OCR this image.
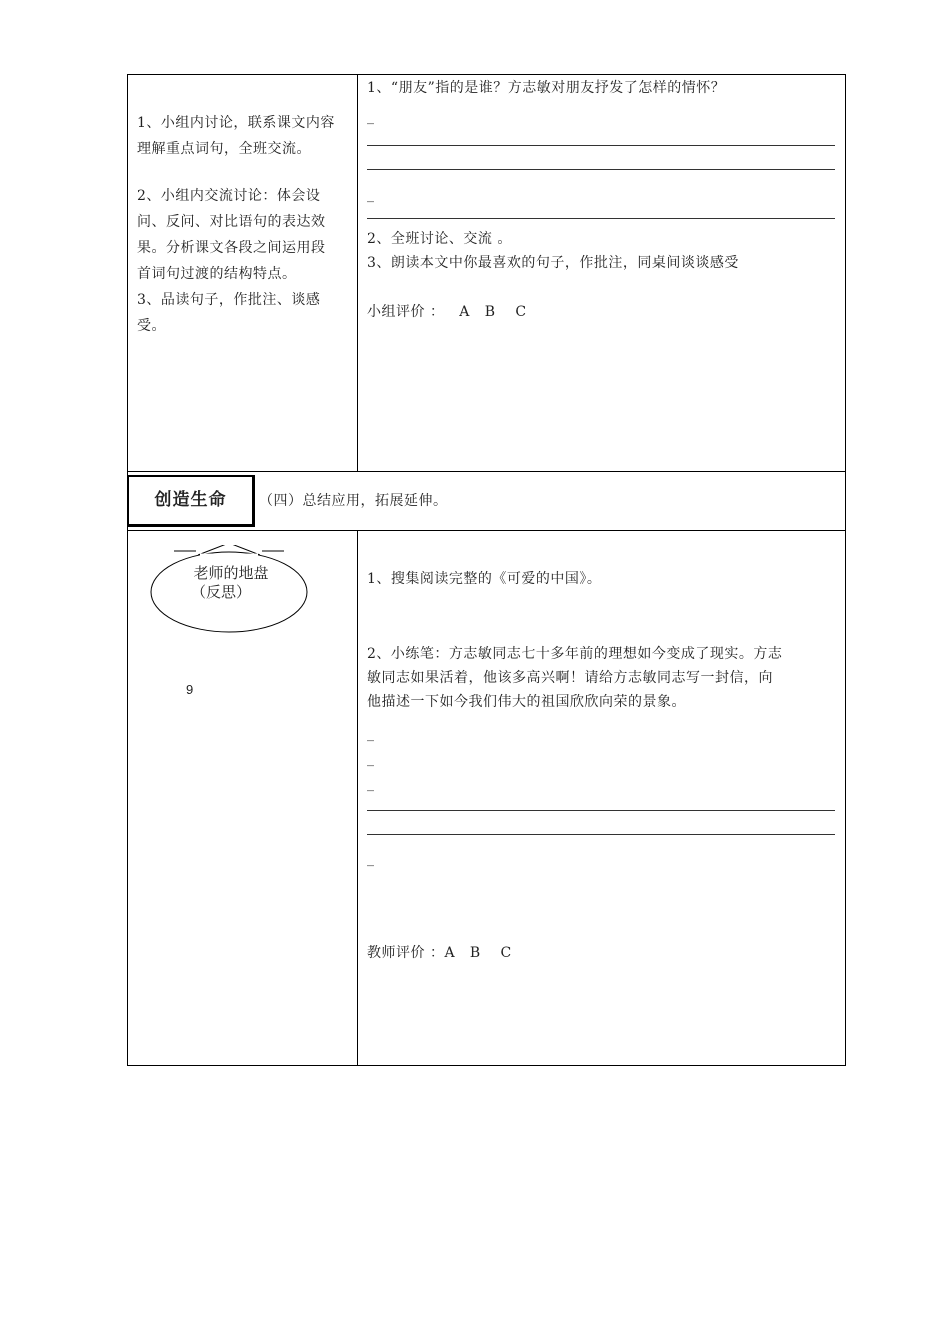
1、小组内讨论，联系课文内容
理解重点词句，全班交流。
2、小组内交流讨论：体会设
问、反问、对比语句的表达效
果。分析课文各段之间运用段
首词句过渡的结构特点。
3、品读句子，作批注、谈感
受。
1、“朋友”指的是谁？方志敏对朋友抒发了怎样的情怀？
_
_
2、全班讨论、交流 。
3、朗读本文中你最喜欢的句子，作批注，同桌间谈谈感受
小组评价 ：   A   B    C
创造生命	（四）总结应用，拓展延伸。
老师的地盘
（反思）
9
1、搜集阅读完整的《可爱的中国》。
2、小练笔：方志敏同志七十多年前的理想如今变成了现实。方志
敏同志如果活着，他该多高兴啊！请给方志敏同志写一封信，向
他描述一下如今我们伟大的祖国欣欣向荣的景象。
_
_
_
_
教师评价 ：A   B    C
